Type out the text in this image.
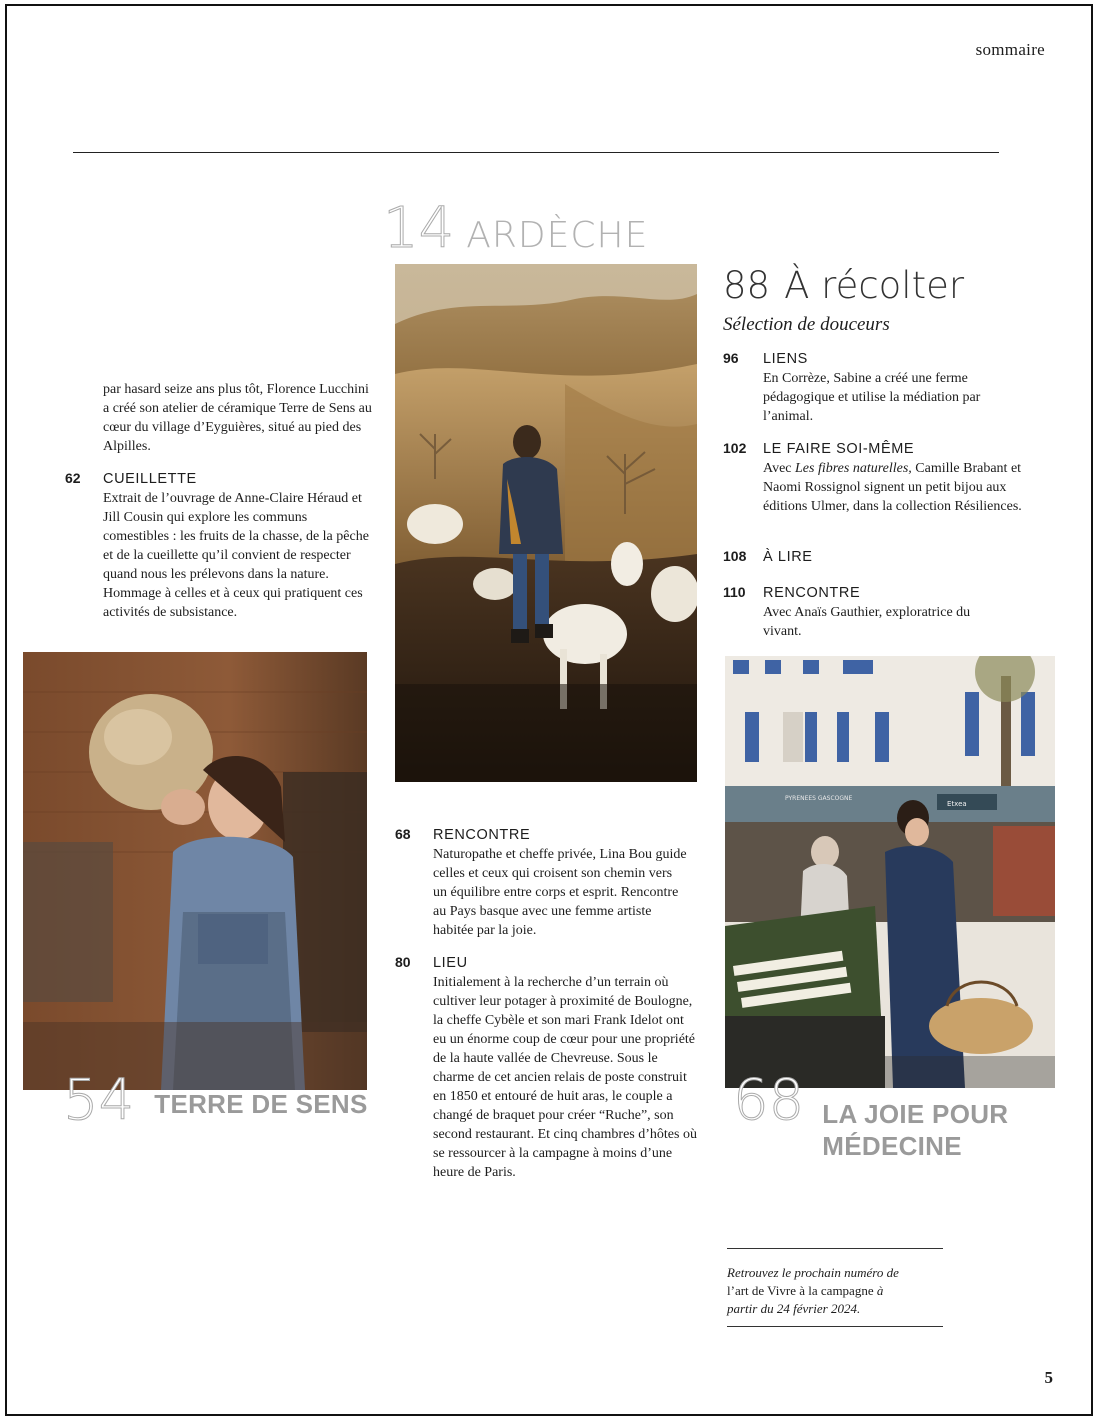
sommaire
par hasard seize ans plus tôt, Florence Lucchini a créé son atelier de céramique Terre de Sens au cœur du village d’Eyguières, situé au pied des Alpilles.
62 CUEILLETTE
Extrait de l’ouvrage de Anne-Claire Héraud et Jill Cousin qui explore les communs comestibles : les fruits de la chasse, de la pêche et de la cueillette qu’il convient de respecter quand nous les prélevons dans la nature. Hommage à celles et à ceux qui pratiquent ces activités de subsistance.
14 ARDÈCHE
88 À récolter
Sélection de douceurs
96 LIENS
En Corrèze, Sabine a créé une ferme pédagogique et utilise la médiation par l’animal.
102 LE FAIRE SOI-MÊME
Avec Les fibres naturelles, Camille Brabant et Naomi Rossignol signent un petit bijou aux éditions Ulmer, dans la collection Résiliences.
108 À LIRE
110 RENCONTRE
Avec Anaïs Gauthier, exploratrice du vivant.
54 TERRE DE SENS
68 RENCONTRE
Naturopathe et cheffe privée, Lina Bou guide celles et ceux qui croisent son chemin vers un équilibre entre corps et esprit. Rencontre au Pays basque avec une femme artiste habitée par la joie.
80 LIEU
Initialement à la recherche d’un terrain où cultiver leur potager à proximité de Boulogne, la cheffe Cybèle et son mari Frank Idelot ont eu un énorme coup de cœur pour une propriété de la haute vallée de Chevreuse. Sous le charme de cet ancien relais de poste construit en 1850 et entouré de huit aras, le couple a changé de braquet pour créer “Ruche”, son second restaurant. Et cinq chambres d’hôtes où se ressourcer à la campagne à moins d’une heure de Paris.
PYRENEES GASCOGNE
Etxea
68 LA JOIE POUR
MÉDECINE
Retrouvez le prochain numéro de
l’art de Vivre à la campagne à
partir du 24 février 2024.
5
